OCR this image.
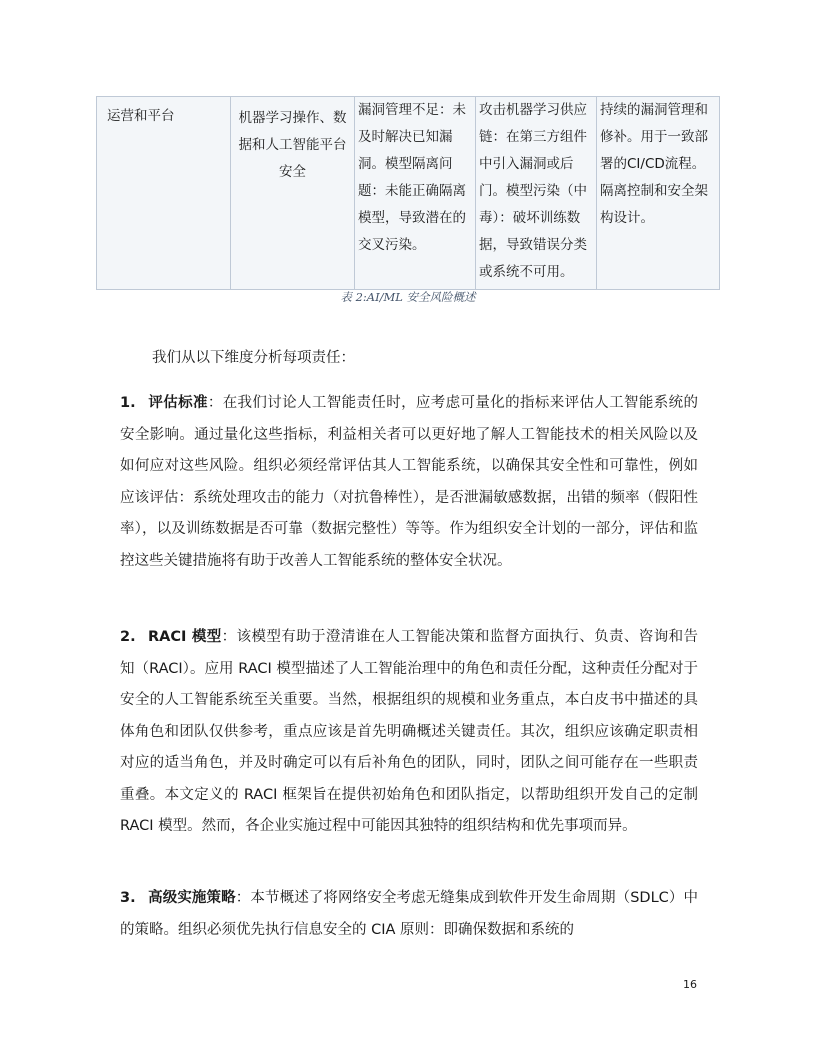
运营和平台	机器学习操作、数据和人工智能平台安全	漏洞管理不足：未及时解决已知漏洞。模型隔离问题：未能正确隔离模型，导致潜在的交叉污染。	攻击机器学习供应链：在第三方组件中引入漏洞或后门。模型污染（中毒）：破坏训练数据，导致错误分类或系统不可用。	持续的漏洞管理和修补。用于一致部署的CI/CD流程。隔离控制和安全架构设计。
表 2:AI/ML 安全风险概述

我们从以下维度分析每项责任：

1. 评估标准：在我们讨论人工智能责任时，应考虑可量化的指标来评估人工智能系统的安全影响。通过量化这些指标，利益相关者可以更好地了解人工智能技术的相关风险以及如何应对这些风险。组织必须经常评估其人工智能系统，以确保其安全性和可靠性，例如应该评估：系统处理攻击的能力（对抗鲁棒性），是否泄漏敏感数据，出错的频率（假阳性率），以及训练数据是否可靠（数据完整性）等等。作为组织安全计划的一部分，评估和监控这些关键措施将有助于改善人工智能系统的整体安全状况。

2. RACI 模型：该模型有助于澄清谁在人工智能决策和监督方面执行、负责、咨询和告知（RACI）。应用 RACI 模型描述了人工智能治理中的角色和责任分配，这种责任分配对于安全的人工智能系统至关重要。当然，根据组织的规模和业务重点，本白皮书中描述的具体角色和团队仅供参考，重点应该是首先明确概述关键责任。其次，组织应该确定职责相对应的适当角色，并及时确定可以有后补角色的团队，同时，团队之间可能存在一些职责重叠。本文定义的 RACI 框架旨在提供初始角色和团队指定，以帮助组织开发自己的定制 RACI 模型。然而，各企业实施过程中可能因其独特的组织结构和优先事项而异。

3. 高级实施策略：本节概述了将网络安全考虑无缝集成到软件开发生命周期（SDLC）中的策略。组织必须优先执行信息安全的 CIA 原则：即确保数据和系统的

16
